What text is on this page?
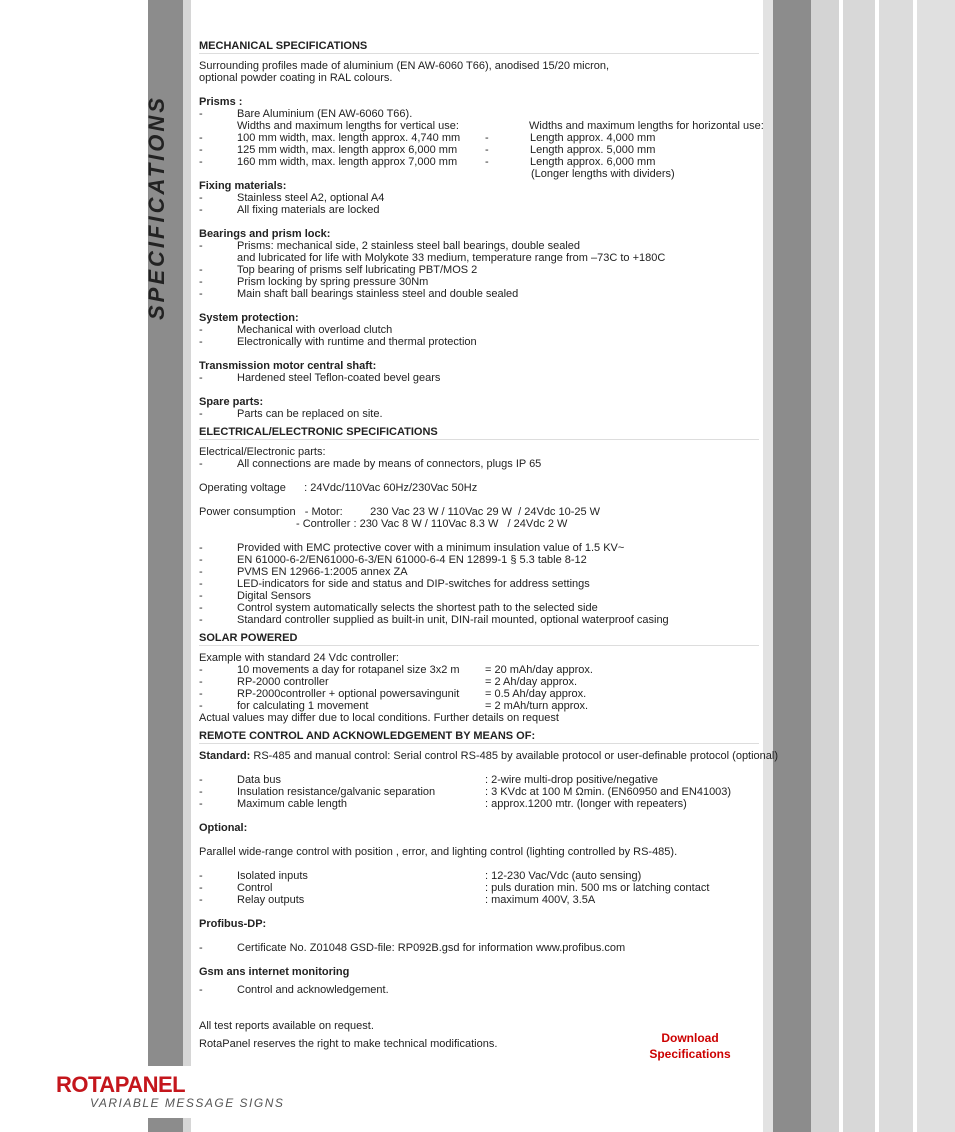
SPECIFICATIONS
MECHANICAL SPECIFICATIONS
Surrounding profiles made of aluminium (EN AW-6060 T66), anodised 15/20 micron,
optional powder coating in RAL colours.
Prisms :
-	Bare Aluminium (EN AW-6060 T66).
Widths and maximum lengths for vertical use:	Widths and maximum lengths for horizontal use:
-	100 mm width, max. length approx. 4,740 mm -	Length approx. 4,000 mm
-	125 mm width, max. length approx 6,000 mm	-	Length approx. 5,000 mm
-	160 mm width, max. length approx 7,000 mm	-	Length approx. 6,000 mm
(Longer lengths with dividers)
Fixing materials:
-	Stainless steel A2, optional A4
-	All fixing materials are locked
Bearings and prism lock:
-	Prisms: mechanical side, 2 stainless steel ball bearings, double sealed
and lubricated for life with Molykote 33 medium, temperature range from –73C to +180C
-	Top bearing of prisms self lubricating PBT/MOS 2
-	Prism locking by spring pressure 30Nm
-	Main shaft ball bearings stainless steel and double sealed
System protection:
-	Mechanical with overload clutch
-	Electronically with runtime and thermal protection
Transmission motor central shaft:
-	Hardened steel Teflon-coated bevel gears
Spare parts:
-	Parts can be replaced on site.
ELECTRICAL/ELECTRONIC SPECIFICATIONS
Electrical/Electronic parts:
-	All connections are made by means of connectors, plugs IP 65
Operating voltage      : 24Vdc/110Vac 60Hz/230Vac 50Hz
Power consumption   - Motor:         230 Vac 23 W / 110Vac 29 W  / 24Vdc 10-25 W
- Controller : 230 Vac 8 W / 110Vac 8.3 W   / 24Vdc 2 W
-	Provided with EMC protective cover with a minimum insulation value of 1.5 KV~
-	EN 61000-6-2/EN61000-6-3/EN 61000-6-4 EN 12899-1 § 5.3 table 8-12
-	PVMS EN 12966-1:2005 annex ZA
-	LED-indicators for side and status and DIP-switches for address settings
-	Digital Sensors
-	Control system automatically selects the shortest path to the selected side
-	Standard controller supplied as built-in unit, DIN-rail mounted, optional waterproof casing
SOLAR POWERED
Example with standard 24 Vdc controller:
-	10 movements a day for rotapanel size 3x2 m = 20 mAh/day approx.
-	RP-2000 controller	= 2 Ah/day approx.
-	RP-2000controller + optional powersavingunit = 0.5 Ah/day approx.
-	for calculating 1 movement	= 2 mAh/turn approx.
Actual values may differ due to local conditions. Further details on request
REMOTE CONTROL AND ACKNOWLEDGEMENT BY MEANS OF:
Standard: RS-485 and manual control: Serial control RS-485 by available protocol or user-definable protocol (optional)
-	Data bus	: 2-wire multi-drop positive/negative
-	Insulation resistance/galvanic separation	: 3 KVdc at 100 M Ωmin. (EN60950 and EN41003)
-	Maximum cable length	: approx.1200 mtr. (longer with repeaters)
Optional:
Parallel wide-range control with position , error, and lighting control (lighting controlled by RS-485).
-	Isolated inputs	: 12-230 Vac/Vdc (auto sensing)
-	Control	: puls duration min. 500 ms or latching contact
-	Relay outputs	: maximum 400V, 3.5A
Profibus-DP:
-	Certificate No. Z01048 GSD-file: RP092B.gsd for information www.profibus.com
Gsm ans internet monitoring
-	Control and acknowledgement.
All test reports available on request.
RotaPanel reserves the right to make technical modifications.	Download
Specifications
ROTAPANEL
VARIABLE MESSAGE SIGNS
